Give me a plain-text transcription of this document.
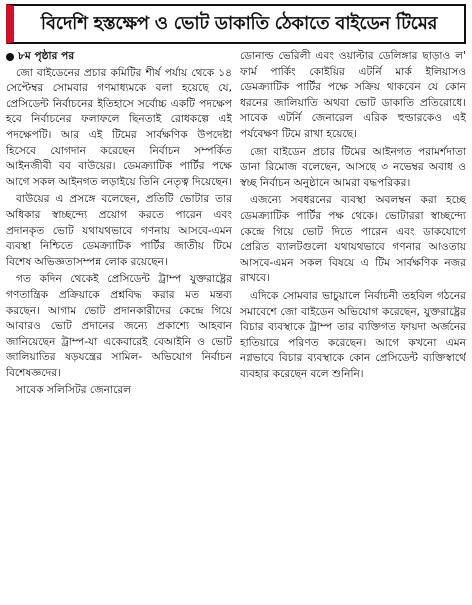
বিদেশি হস্তক্ষেপ ও ভোট ডাকাতি ঠেকাতে বাইডেন টিমের
৮ম পৃষ্ঠার পর

জো বাইডেনের প্রচার কমিটির শীর্ষ পর্যায় থেকে ১৪ সেপ্টেম্বর সোমবার গণমাধ্যমকে বলা হয়েছে যে, প্রেসিডেন্ট নির্বাচনের ইতিহাসে সর্বোচ্চ একটি পদক্ষেপ হবে নির্বাচনের ফলাফলে ছিনতাই রোধকল্পে এই পদক্ষেপটি। আর এই টিমের সার্বক্ষণিক উপদেষ্টা হিসেবে যোগদান করেছেন নির্বাচন সম্পর্কিত আইনজীবী বব বাউয়ের। ডেমক্র্যাটিক পার্টির পক্ষে আগে সকল আইনগত লড়াইয়ে তিনি নেতৃত্ব দিয়েছেন।

বাউয়ের এ প্রসঙ্গে বলেছেন, প্রতিটি ভোটার তার অধিকার স্বাচ্ছন্দ্যে প্রয়োগ করতে পারেন এবং প্রদানকৃত ভোট যথাযথভাবে গণনায় আসবে-এমন ব্যবস্থা নিশ্চিতে ডেমক্র্যাটিক পার্টির জাতীয় টিমে বিশেষ অভিজ্ঞতাসম্পন্ন লোক রয়েছেন।

গত কদিন থেকেই প্রেসিডেন্ট ট্রাম্প যুক্তরাষ্ট্রের গণতান্ত্রিক প্রক্রিয়াকে প্রশ্নবিদ্ধ করার মত মন্তব্য করছেন। আগাম ভোট প্রদানকারীদের কেন্দ্রে গিয়ে আবারও ভোট প্রদানের জন্যে প্রকাশ্যে আহবান জানিয়েছেন ট্রাম্প-যা একেবারেই বেআইনি ও ভোট জালিয়াতির ষড়যন্ত্রের সামিল- অভিযোগ নির্বাচন বিশেষজ্ঞদের।

সাবেক সলিসিটর জেনারেল

ডোনাল্ড ভেরিলী এবং ওয়াল্টার ডেলিঙ্গার ছাড়াও ল' ফার্ম পার্কিং কোইয়ির এটর্নি মার্ক ইলিয়াসও ডেমক্র্যাটিক পার্টির পক্ষে সক্রিয় থাকবেন যে কোন ধরনের জালিয়াতি অথবা ভোট ডাকাতি প্রতিরোধে। সাবেক এটর্নি জেনারেল এরিক হুল্ডারকেও এই পর্যবেক্ষণ টিমে রাখা হয়েছে।

জো বাইডেন প্রচার টিমের আইনগত পরামর্শদাতা ডানা রিমোজ বলেছেন, আসছে ৩ নভেম্বর অবাধ ও স্বচ্ছ নির্বাচন অনুষ্ঠানে আমরা বদ্ধপরিকর।

এজন্যে সবধরনের ব্যবস্থা অবলম্বন করা হচ্ছে ডেমক্র্যাটিক পার্টির পক্ষ থেকে। ভোটাররা স্বাচ্ছন্দ্যে কেন্দ্রে গিয়ে ভোট দিতে পারেন এবং ডাকযোগে প্রেরিত ব্যালটগুলো যথাযথভাবে গণনার আওতায় আসবে-এমন সকল বিষয়ে এ টিম সার্বক্ষণিক নজর রাখবে।

এদিকে সোমবার ভাচুয়ালে নির্বাচনী তহবিল গঠনের সমাবেশে জো বাইডেন অভিযোগ করেছেন, যুক্তরাষ্ট্রের বিচার ব্যবস্থাকে ট্রাম্প তার ব্যক্তিগত ফায়দা অর্জনের হাতিয়ারে পরিণত করেছেন। আগে কখনো এমন নগ্নভাবে বিচার ব্যবস্থাকে কোন প্রেসিডেন্ট ব্যক্তিস্বার্থে ব্যবহার করেছেন বলে শুনিনি।
